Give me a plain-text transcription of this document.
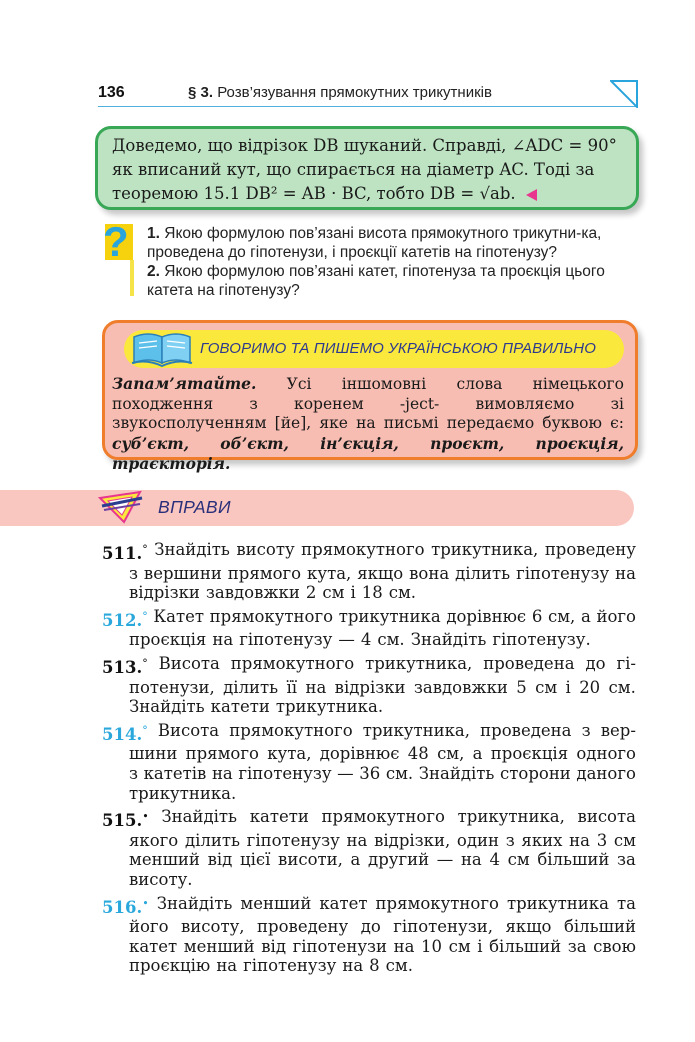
136	§ 3. Розв’язування прямокутних трикутників
Доведемо, що відрізок DB шуканий. Справді, ∠ADC = 90°
як вписаний кут, що спирається на діаметр AC. Тоді за
теоремою 15.1 DB² = AB · BC, тобто DB = √ab.
? 1. Якою формулою пов’язані висота прямокутного трикутни-ка, проведена до гіпотенузи, і проєкції катетів на гіпотенузу?
2. Якою формулою пов’язані катет, гіпотенуза та проєкція цього катета на гіпотенузу?
ГОВОРИМО ТА ПИШЕМО УКРАЇНСЬКОЮ ПРАВИЛЬНО
Запам’ятайте. Усі іншомовні слова німецького походження з коренем -ject- вимовляємо зі звукосполученням [йе], яке на письмі передаємо буквою є: суб’єкт, об’єкт, ін’єкція, проєкт, проєкція, траєкторія.
ВПРАВИ
511.° Знайдіть висоту прямокутного трикутника, проведену
з вершини прямого кута, якщо вона ділить гіпотенузу на
відрізки завдовжки 2 см і 18 см.
512.° Катет прямокутного трикутника дорівнює 6 см, а його
проєкція на гіпотенузу — 4 см. Знайдіть гіпотенузу.
513.° Висота прямокутного трикутника, проведена до гі-
потенузи, ділить її на відрізки завдовжки 5 см і 20 см.
Знайдіть катети трикутника.
514.° Висота прямокутного трикутника, проведена з вер-
шини прямого кута, дорівнює 48 см, а проєкція одного
з катетів на гіпотенузу — 36 см. Знайдіть сторони даного
трикутника.
515.• Знайдіть катети прямокутного трикутника, висота
якого ділить гіпотенузу на відрізки, один з яких на 3 см
менший від цієї висоти, а другий — на 4 см більший за
висоту.
516.• Знайдіть менший катет прямокутного трикутника та
його висоту, проведену до гіпотенузи, якщо більший
катет менший від гіпотенузи на 10 см і більший за свою
проєкцію на гіпотенузу на 8 см.
